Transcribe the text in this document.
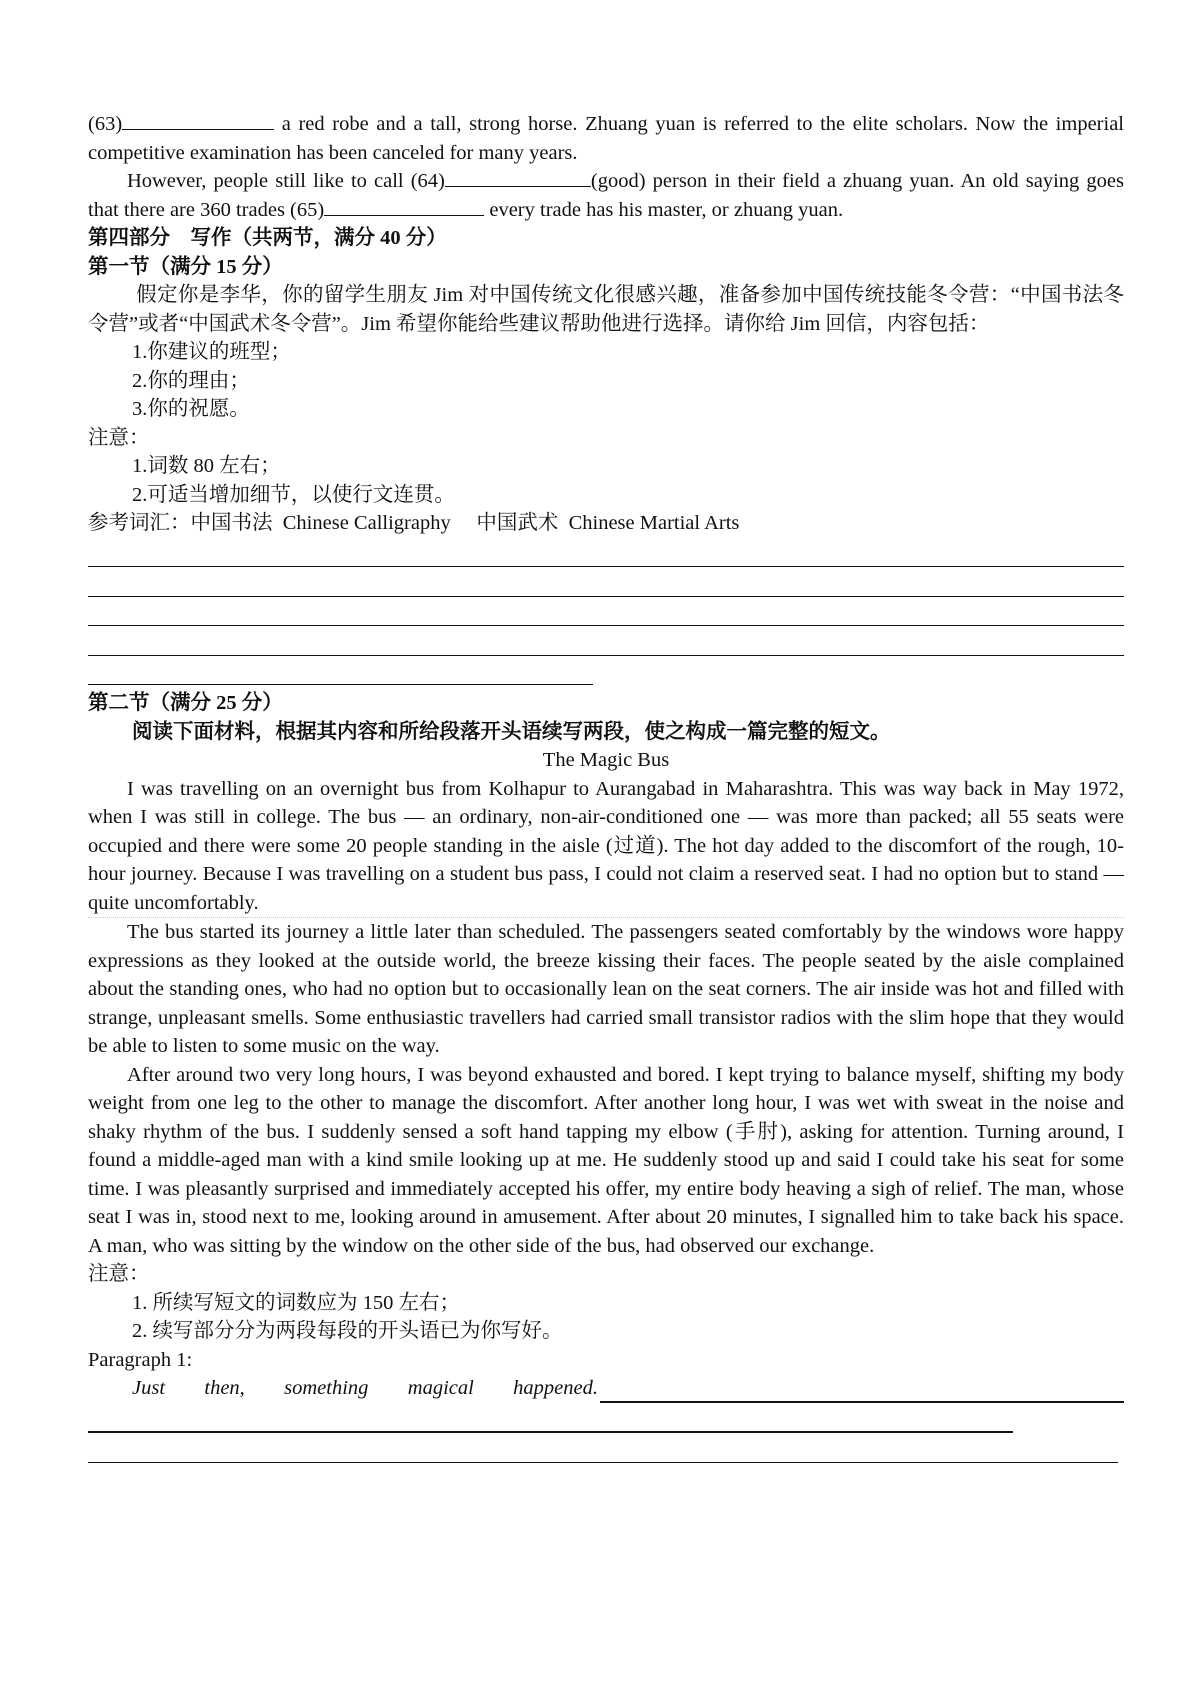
(63)	a red robe and a tall, strong horse. Zhuang yuan is referred to the elite scholars. Now the imperial competitive examination has been canceled for many years.

However, people still like to call (64)	(good) person in their field a zhuang yuan. An old saying goes that there are 360 trades (65)	every trade has his master, or zhuang yuan.

第四部分　写作（共两节，满分 40 分）

第一节（满分 15 分）

假定你是李华，你的留学生朋友 Jim 对中国传统文化很感兴趣，准备参加中国传统技能冬令营：“中国书法冬令营”或者“中国武术冬令营”。Jim 希望你能给些建议帮助他进行选择。请你给 Jim 回信，内容包括：

1.你建议的班型；

2.你的理由；

3.你的祝愿。

注意：

1.词数 80 左右；

2.可适当增加细节，以使行文连贯。

参考词汇：中国书法  Chinese Calligraphy     中国武术  Chinese Martial Arts

第二节（满分 25 分）

阅读下面材料，根据其内容和所给段落开头语续写两段，使之构成一篇完整的短文。

The Magic Bus

I was travelling on an overnight bus from Kolhapur to Aurangabad in Maharashtra. This was way back in May 1972, when I was still in college. The bus — an ordinary, non-air-conditioned one — was more than packed; all 55 seats were occupied and there were some 20 people standing in the aisle (过道). The hot day added to the discomfort of the rough, 10-hour journey. Because I was travelling on a student bus pass, I could not claim a reserved seat. I had no option but to stand — quite uncomfortably.

The bus started its journey a little later than scheduled. The passengers seated comfortably by the windows wore happy expressions as they looked at the outside world, the breeze kissing their faces. The people seated by the aisle complained about the standing ones, who had no option but to occasionally lean on the seat corners. The air inside was hot and filled with strange, unpleasant smells. Some enthusiastic travellers had carried small transistor radios with the slim hope that they would be able to listen to some music on the way.

After around two very long hours, I was beyond exhausted and bored. I kept trying to balance myself, shifting my body weight from one leg to the other to manage the discomfort. After another long hour, I was wet with sweat in the noise and shaky rhythm of the bus. I suddenly sensed a soft hand tapping my elbow (手肘), asking for attention. Turning around, I found a middle-aged man with a kind smile looking up at me. He suddenly stood up and said I could take his seat for some time. I was pleasantly surprised and immediately accepted his offer, my entire body heaving a sigh of relief. The man, whose seat I was in, stood next to me, looking around in amusement. After about 20 minutes, I signalled him to take back his space. A man, who was sitting by the window on the other side of the bus, had observed our exchange.

注意：

1. 所续写短文的词数应为 150 左右；

2. 续写部分分为两段每段的开头语已为你写好。

Paragraph 1:

Just then, something magical happened.
